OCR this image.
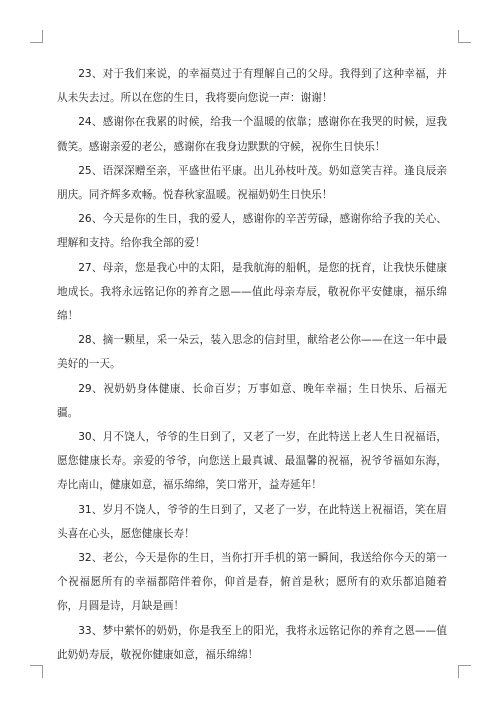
23、对于我们来说，的幸福莫过于有理解自己的父母。我得到了这种幸福，并从未失去过。所以在您的生日，我将要向您说一声：谢谢！

24、感谢你在我累的时候，给我一个温暖的依靠；感谢你在我哭的时候，逗我微笑。感谢亲爱的老公，感谢你在我身边默默的守候，祝你生日快乐！

25、语深深赠至亲，平盛世佑平康。出儿孙枝叶茂。奶如意笑吉祥。逢良辰亲朋庆。同齐辉多欢畅。悦春秋家温暖。祝福奶奶生日快乐！

26、今天是你的生日，我的爱人，感谢你的辛苦劳碌，感谢你给予我的关心、理解和支持。给你我全部的爱！

27、母亲，您是我心中的太阳，是我航海的船帆，是您的抚育，让我快乐健康地成长。我将永远铭记你的养育之恩——值此母亲寿辰，敬祝你平安健康，福乐绵绵！

28、摘一颗星，采一朵云，装入思念的信封里，献给老公你——在这一年中最美好的一天。

29、祝奶奶身体健康、长命百岁；万事如意、晚年幸福；生日快乐、后福无疆。

30、月不饶人，爷爷的生日到了，又老了一岁，在此特送上老人生日祝福语，愿您健康长寿。亲爱的爷爷，向您送上最真诚、最温馨的祝福，祝爷爷福如东海，寿比南山，健康如意，福乐绵绵，笑口常开，益寿延年！

31、岁月不饶人，爷爷的生日到了，又老了一岁，在此特送上祝福语，笑在眉头喜在心头，愿您健康长寿！

32、老公，今天是你的生日，当你打开手机的第一瞬间，我送给你今天的第一个祝福愿所有的幸福都陪伴着你，仰首是春，俯首是秋；愿所有的欢乐都追随着你，月圆是诗，月缺是画！

33、梦中萦怀的奶奶，你是我至上的阳光，我将永远铭记你的养育之恩——值此奶奶寿辰，敬祝你健康如意，福乐绵绵！
